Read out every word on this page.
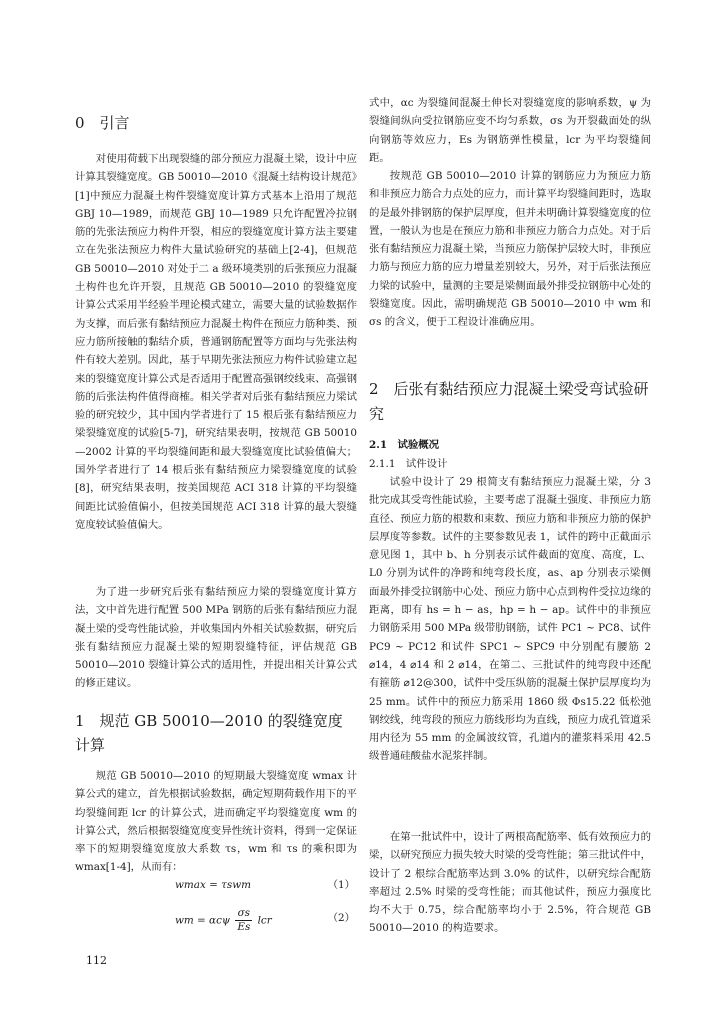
0　引言

对使用荷载下出现裂缝的部分预应力混凝土梁，设计中应计算其裂缝宽度。GB 50010—2010《混凝土结构设计规范》[1]中预应力混凝土构件裂缝宽度计算方式基本上沿用了规范 GBJ 10—1989，而规范 GBJ 10—1989 只允许配置冷拉钢筋的先张法预应力构件开裂，相应的裂缝宽度计算方法主要建立在先张法预应力构件大量试验研究的基础上[2-4]，但规范 GB 50010—2010 对处于二 a 级环境类别的后张预应力混凝土构件也允许开裂，且规范 GB 50010—2010 的裂缝宽度计算公式采用半经验半理论模式建立，需要大量的试验数据作为支撑，而后张有黏结预应力混凝土构件在预应力筋种类、预应力筋所接触的黏结介质，普通钢筋配置等方面均与先张法构件有较大差别。因此，基于早期先张法预应力构件试验建立起来的裂缝宽度计算公式是否适用于配置高强钢绞线束、高强钢筋的后张法构件值得商榷。相关学者对后张有黏结预应力梁试验的研究较少，其中国内学者进行了 15 根后张有黏结预应力梁裂缝宽度的试验[5-7]，研究结果表明，按规范 GB 50010—2002 计算的平均裂缝间距和最大裂缝宽度比试验值偏大；国外学者进行了 14 根后张有黏结预应力梁裂缝宽度的试验[8]，研究结果表明，按美国规范 ACI 318 计算的平均裂缝间距比试验值偏小，但按美国规范 ACI 318 计算的最大裂缝宽度较试验值偏大。

为了进一步研究后张有黏结预应力梁的裂缝宽度计算方法，文中首先进行配置 500 MPa 钢筋的后张有黏结预应力混凝土梁的受弯性能试验，并收集国内外相关试验数据，研究后张有黏结预应力混凝土梁的短期裂缝特征，评估规范 GB 50010—2010 裂缝计算公式的适用性，并提出相关计算公式的修正建议。

1　规范 GB 50010—2010 的裂缝宽度计算

规范 GB 50010—2010 的短期最大裂缝宽度 wmax 计算公式的建立，首先根据试验数据，确定短期荷载作用下的平均裂缝间距 lcr 的计算公式，进而确定平均裂缝宽度 wm 的计算公式，然后根据裂缝宽度变异性统计资料，得到一定保证率下的短期裂缝宽度放大系数 τs，wm 和 τs 的乘积即为 wmax[1-4]，从而有：

wmax = τswm	（1）
wm = αcψ $\frac{\sigma s}{Es}$ lcr	（2）

式中，αc 为裂缝间混凝土伸长对裂缝宽度的影响系数，ψ 为裂缝间纵向受拉钢筋应变不均匀系数，σs 为开裂截面处的纵向钢筋等效应力，Es 为钢筋弹性模量，lcr 为平均裂缝间距。

按规范 GB 50010—2010 计算的钢筋应力为预应力筋和非预应力筋合力点处的应力，而计算平均裂缝间距时，选取的是最外排钢筋的保护层厚度，但并未明确计算裂缝宽度的位置，一般认为也是在预应力筋和非预应力筋合力点处。对于后张有黏结预应力混凝土梁，当预应力筋保护层较大时，非预应力筋与预应力筋的应力增量差别较大，另外，对于后张法预应力梁的试验中，量测的主要是梁侧面最外排受拉钢筋中心处的裂缝宽度。因此，需明确规范 GB 50010—2010 中 wm 和 σs 的含义，便于工程设计准确应用。

2　后张有黏结预应力混凝土梁受弯试验研究
2.1　试验概况
2.1.1　试件设计

试验中设计了 29 根简支有黏结预应力混凝土梁，分 3 批完成其受弯性能试验，主要考虑了混凝土强度、非预应力筋直径、预应力筋的根数和束数、预应力筋和非预应力筋的保护层厚度等参数。试件的主要参数见表 1，试件的跨中正截面示意见图 1，其中 b、h 分别表示试件截面的宽度、高度，L、L0 分别为试件的净跨和纯弯段长度，as、ap 分别表示梁侧面最外排受拉钢筋中心处、预应力筋中心点到构件受拉边缘的距离，即有 hs = h − as，hp = h − ap。试件中的非预应力钢筋采用 500 MPa 级带肋钢筋，试件 PC1 ~ PC8、试件 PC9 ~ PC12 和试件 SPC1 ~ SPC9 中分别配有腰筋 2 ⌀14，4 ⌀14 和 2 ⌀14，在第二、三批试件的纯弯段中还配有箍筋 ⌀12@300，试件中受压纵筋的混凝土保护层厚度均为 25 mm。试件中的预应力筋采用 1860 级 Φs15.22 低松弛钢绞线，纯弯段的预应力筋线形均为直线，预应力成孔管道采用内径为 55 mm 的金属波纹管，孔道内的灌浆料采用 42.5 级普通硅酸盐水泥浆拌制。

在第一批试件中，设计了两根高配筋率、低有效预应力的梁，以研究预应力损失较大时梁的受弯性能；第三批试件中，设计了 2 根综合配筋率达到 3.0% 的试件，以研究综合配筋率超过 2.5% 时梁的受弯性能；而其他试件，预应力强度比均不大于 0.75，综合配筋率均小于 2.5%，符合规范 GB 50010—2010 的构造要求。

112
